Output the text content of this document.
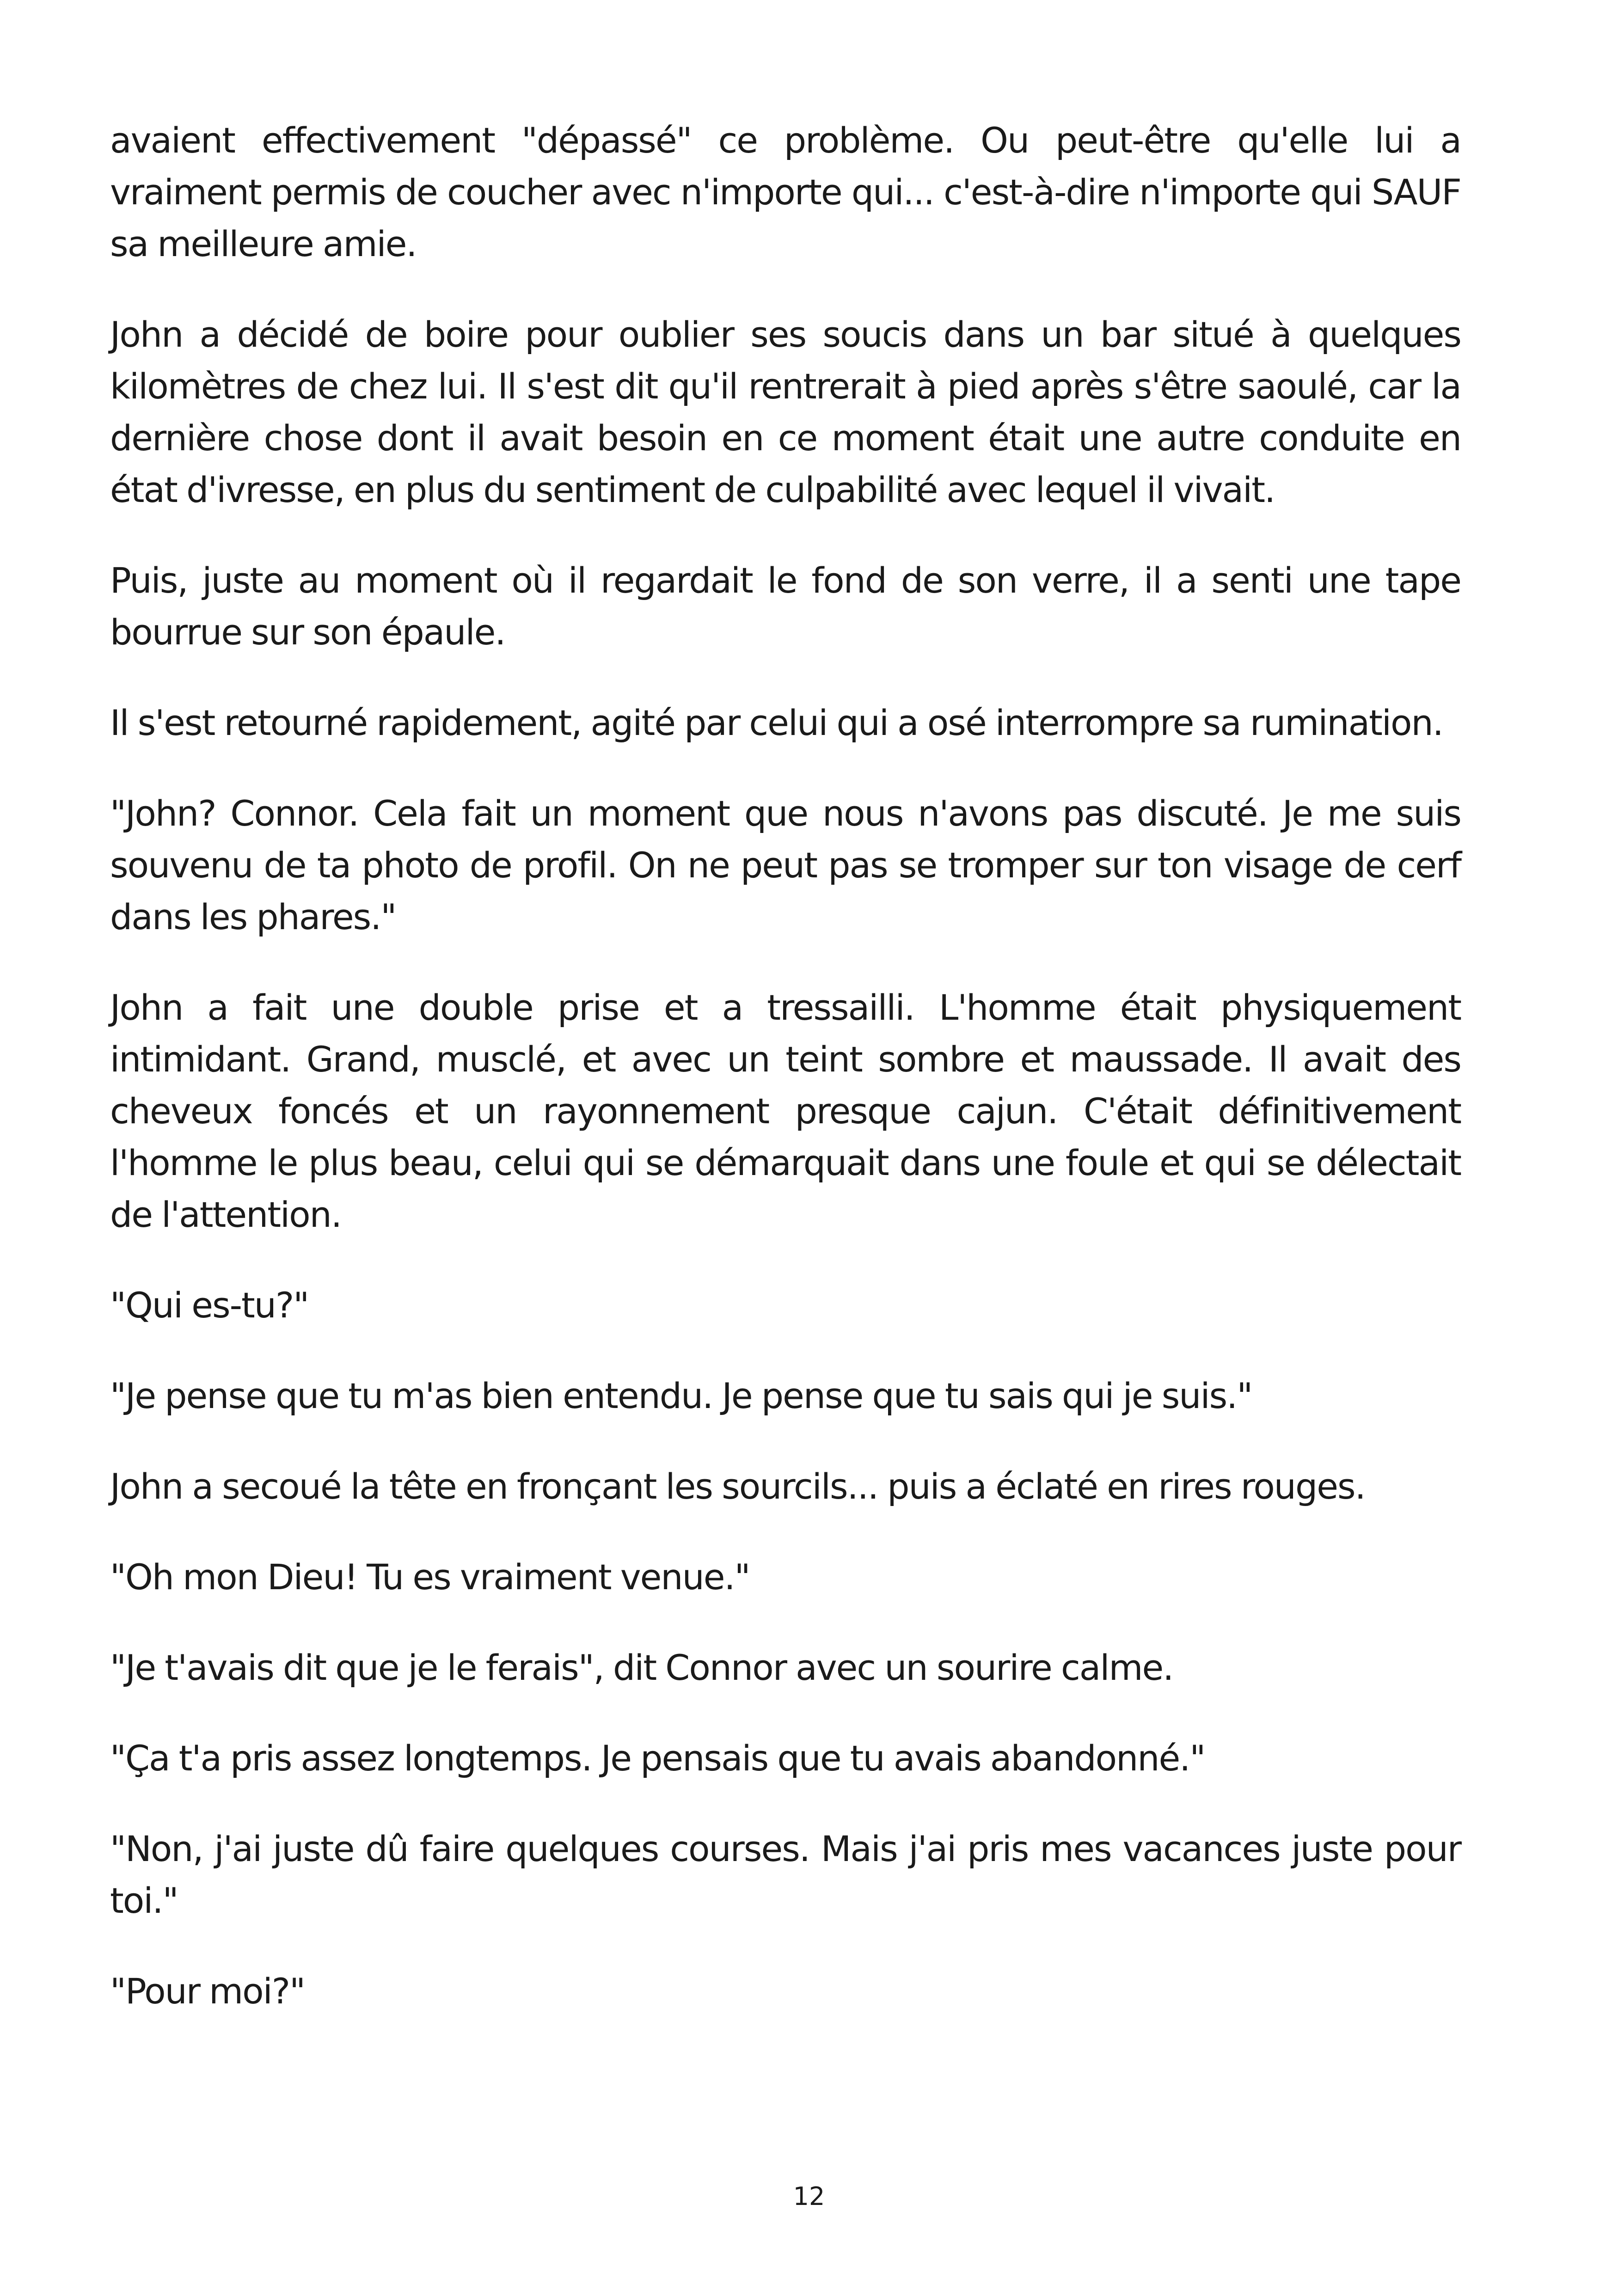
avaient effectivement "dépassé" ce problème. Ou peut-être qu'elle lui a vraiment permis de coucher avec n'importe qui... c'est-à-dire n'importe qui SAUF sa meilleure amie.

John a décidé de boire pour oublier ses soucis dans un bar situé à quelques kilomètres de chez lui. Il s'est dit qu'il rentrerait à pied après s'être saoulé, car la dernière chose dont il avait besoin en ce moment était une autre conduite en état d'ivresse, en plus du sentiment de culpabilité avec lequel il vivait.

Puis, juste au moment où il regardait le fond de son verre, il a senti une tape bourrue sur son épaule.

Il s'est retourné rapidement, agité par celui qui a osé interrompre sa rumination.

"John? Connor. Cela fait un moment que nous n'avons pas discuté. Je me suis souvenu de ta photo de profil. On ne peut pas se tromper sur ton visage de cerf dans les phares."

John a fait une double prise et a tressailli. L'homme était physiquement intimidant. Grand, musclé, et avec un teint sombre et maussade. Il avait des cheveux foncés et un rayonnement presque cajun. C'était définitivement l'homme le plus beau, celui qui se démarquait dans une foule et qui se délectait de l'attention.

"Qui es-tu?"

"Je pense que tu m'as bien entendu. Je pense que tu sais qui je suis."

John a secoué la tête en fronçant les sourcils... puis a éclaté en rires rouges.

"Oh mon Dieu! Tu es vraiment venue."

"Je t'avais dit que je le ferais", dit Connor avec un sourire calme.

"Ça t'a pris assez longtemps. Je pensais que tu avais abandonné."

"Non, j'ai juste dû faire quelques courses. Mais j'ai pris mes vacances juste pour toi."

"Pour moi?"

12
